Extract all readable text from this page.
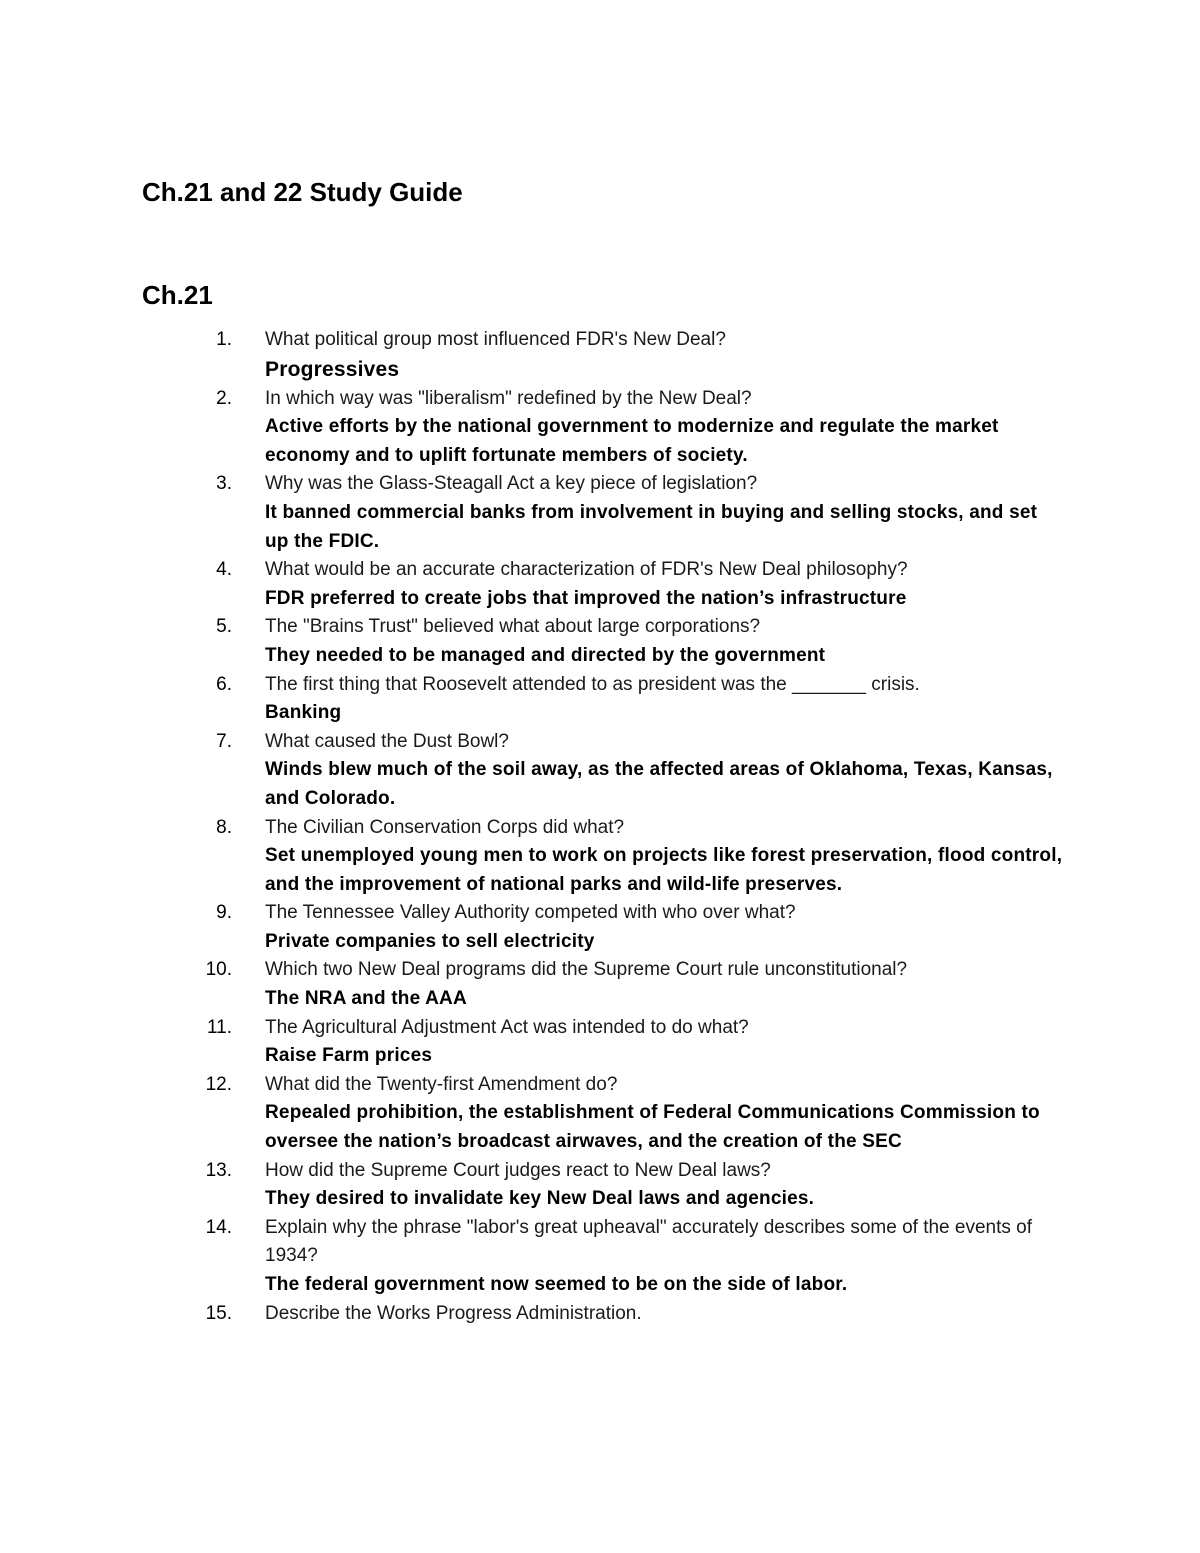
Ch.21 and 22 Study Guide
Ch.21
1. What political group most influenced FDR's New Deal?
Progressives
2. In which way was "liberalism" redefined by the New Deal?
Active efforts by the national government to modernize and regulate the market economy and to uplift fortunate members of society.
3. Why was the Glass-Steagall Act a key piece of legislation?
It banned commercial banks from involvement in buying and selling stocks, and set up the FDIC.
4. What would be an accurate characterization of FDR's New Deal philosophy?
FDR preferred to create jobs that improved the nation’s infrastructure
5. The "Brains Trust" believed what about large corporations?
They needed to be managed and directed by the government
6. The first thing that Roosevelt attended to as president was the _______ crisis.
Banking
7. What caused the Dust Bowl?
Winds blew much of the soil away, as the affected areas of Oklahoma, Texas, Kansas, and Colorado.
8. The Civilian Conservation Corps did what?
Set unemployed young men to work on projects like forest preservation, flood control, and the improvement of national parks and wild-life preserves.
9. The Tennessee Valley Authority competed with who over what?
Private companies to sell electricity
10. Which two New Deal programs did the Supreme Court rule unconstitutional?
The NRA and the AAA
11. The Agricultural Adjustment Act was intended to do what?
Raise Farm prices
12. What did the Twenty-first Amendment do?
Repealed prohibition, the establishment of Federal Communications Commission to oversee the nation’s broadcast airwaves, and the creation of the SEC
13. How did the Supreme Court judges react to New Deal laws?
They desired to invalidate key New Deal laws and agencies.
14. Explain why the phrase "labor's great upheaval" accurately describes some of the events of 1934?
The federal government now seemed to be on the side of labor.
15. Describe the Works Progress Administration.
